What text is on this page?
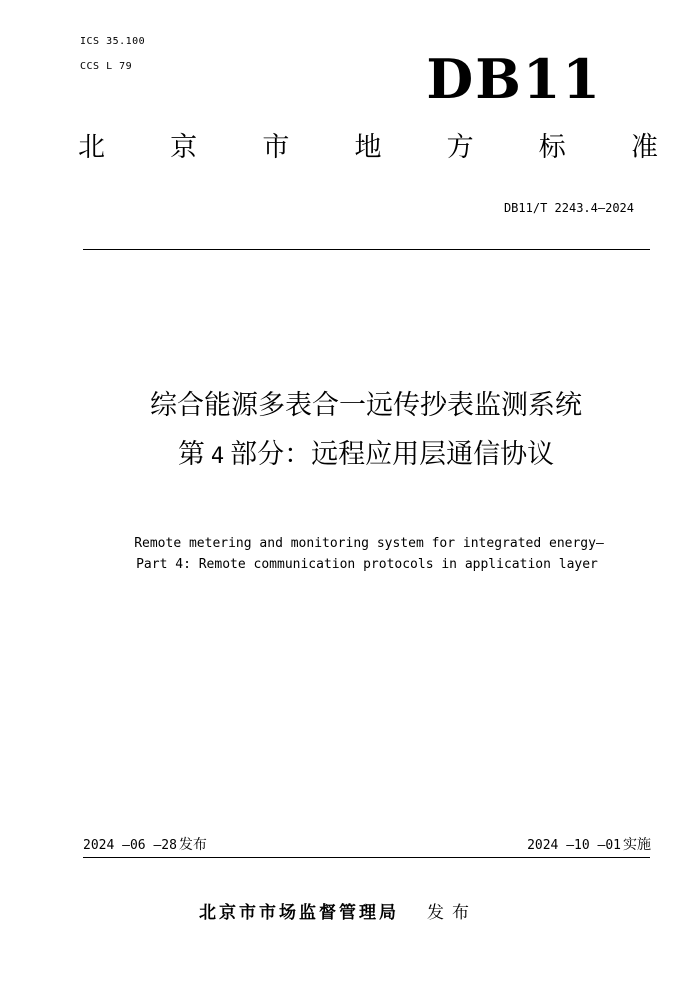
ICS 35.100
CCS L 79	DB11
北 京 市 地 方 标 准
DB11/T 2243.4—2024
综合能源多表合一远传抄表监测系统
第 4 部分：远程应用层通信协议
Remote metering and monitoring system for integrated energy—
Part 4: Remote communication protocols in application layer
2024 —06 —28 发布	2024 —10 —01 实施
北京市市场监督管理局 发布
